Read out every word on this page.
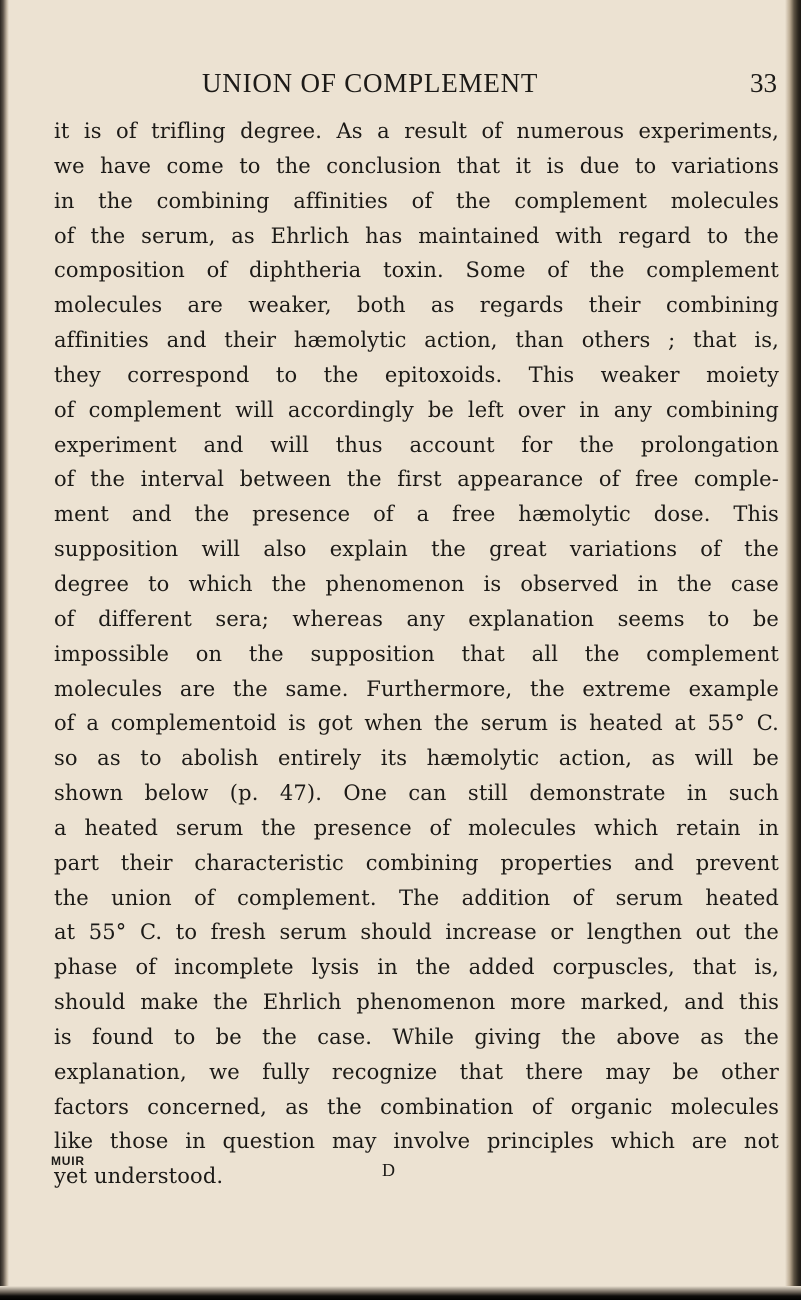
UNION OF COMPLEMENT	33
it is of trifling degree. As a result of numerous experiments,
we have come to the conclusion that it is due to variations
in the combining affinities of the complement molecules
of the serum, as Ehrlich has maintained with regard to the
composition of diphtheria toxin. Some of the complement
molecules are weaker, both as regards their combining
affinities and their hæmolytic action, than others ; that is,
they correspond to the epitoxoids. This weaker moiety
of complement will accordingly be left over in any combining
experiment and will thus account for the prolongation
of the interval between the first appearance of free comple-
ment and the presence of a free hæmolytic dose. This
supposition will also explain the great variations of the
degree to which the phenomenon is observed in the case
of different sera; whereas any explanation seems to be
impossible on the supposition that all the complement
molecules are the same. Furthermore, the extreme example
of a complementoid is got when the serum is heated at 55° C.
so as to abolish entirely its hæmolytic action, as will be
shown below (p. 47). One can still demonstrate in such
a heated serum the presence of molecules which retain in
part their characteristic combining properties and prevent
the union of complement. The addition of serum heated
at 55° C. to fresh serum should increase or lengthen out the
phase of incomplete lysis in the added corpuscles, that is,
should make the Ehrlich phenomenon more marked, and this
is found to be the case. While giving the above as the
explanation, we fully recognize that there may be other
factors concerned, as the combination of organic molecules
like those in question may involve principles which are not
yet understood.
MUIR	D
